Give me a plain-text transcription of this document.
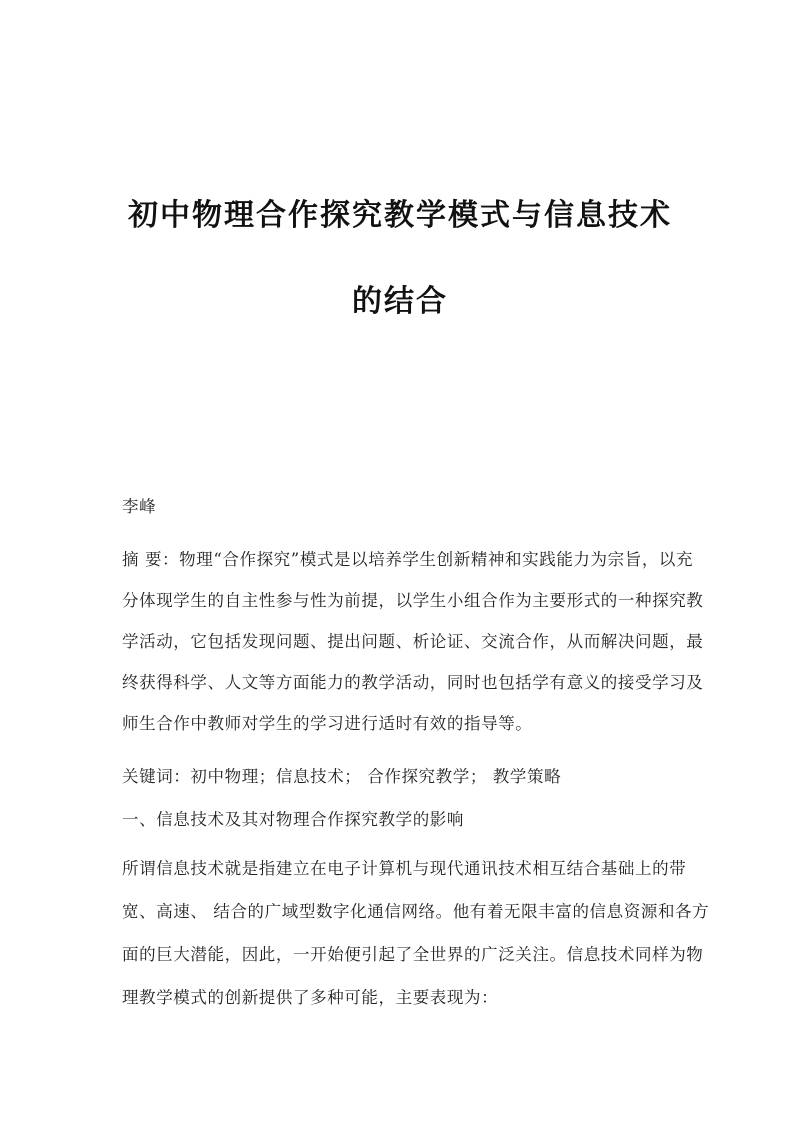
初中物理合作探究教学模式与信息技术
的结合
李峰
摘 要：物理“合作探究”模式是以培养学生创新精神和实践能力为宗旨，以充
分体现学生的自主性参与性为前提，以学生小组合作为主要形式的一种探究教
学活动，它包括发现问题、提出问题、析论证、交流合作，从而解决问题，最
终获得科学、人文等方面能力的教学活动，同时也包括学有意义的接受学习及
师生合作中教师对学生的学习进行适时有效的指导等。
关键词：初中物理；信息技术； 合作探究教学； 教学策略
一、信息技术及其对物理合作探究教学的影响
所谓信息技术就是指建立在电子计算机与现代通讯技术相互结合基础上的带
宽、高速、 结合的广域型数字化通信网络。他有着无限丰富的信息资源和各方
面的巨大潜能，因此，一开始便引起了全世界的广泛关注。信息技术同样为物
理教学模式的创新提供了多种可能，主要表现为：
